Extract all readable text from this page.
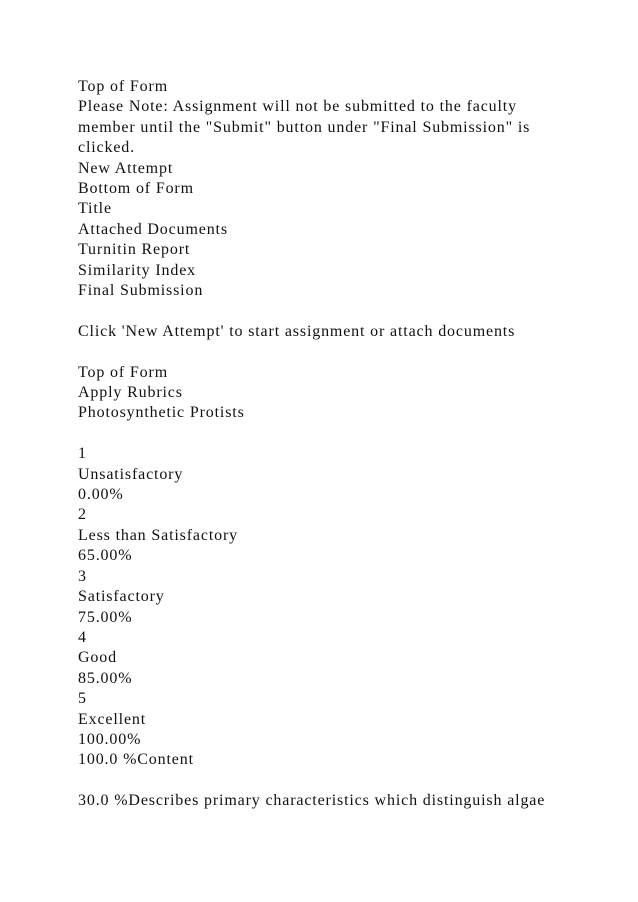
Top of Form
Please Note: Assignment will not be submitted to the faculty
member until the "Submit" button under "Final Submission" is
clicked.
New Attempt
Bottom of Form
Title
Attached Documents
Turnitin Report
Similarity Index
Final Submission
Click 'New Attempt' to start assignment or attach documents
Top of Form
Apply Rubrics
Photosynthetic Protists
1
Unsatisfactory
0.00%
2
Less than Satisfactory
65.00%
3
Satisfactory
75.00%
4
Good
85.00%
5
Excellent
100.00%
100.0 %Content
30.0 %Describes primary characteristics which distinguish algae
